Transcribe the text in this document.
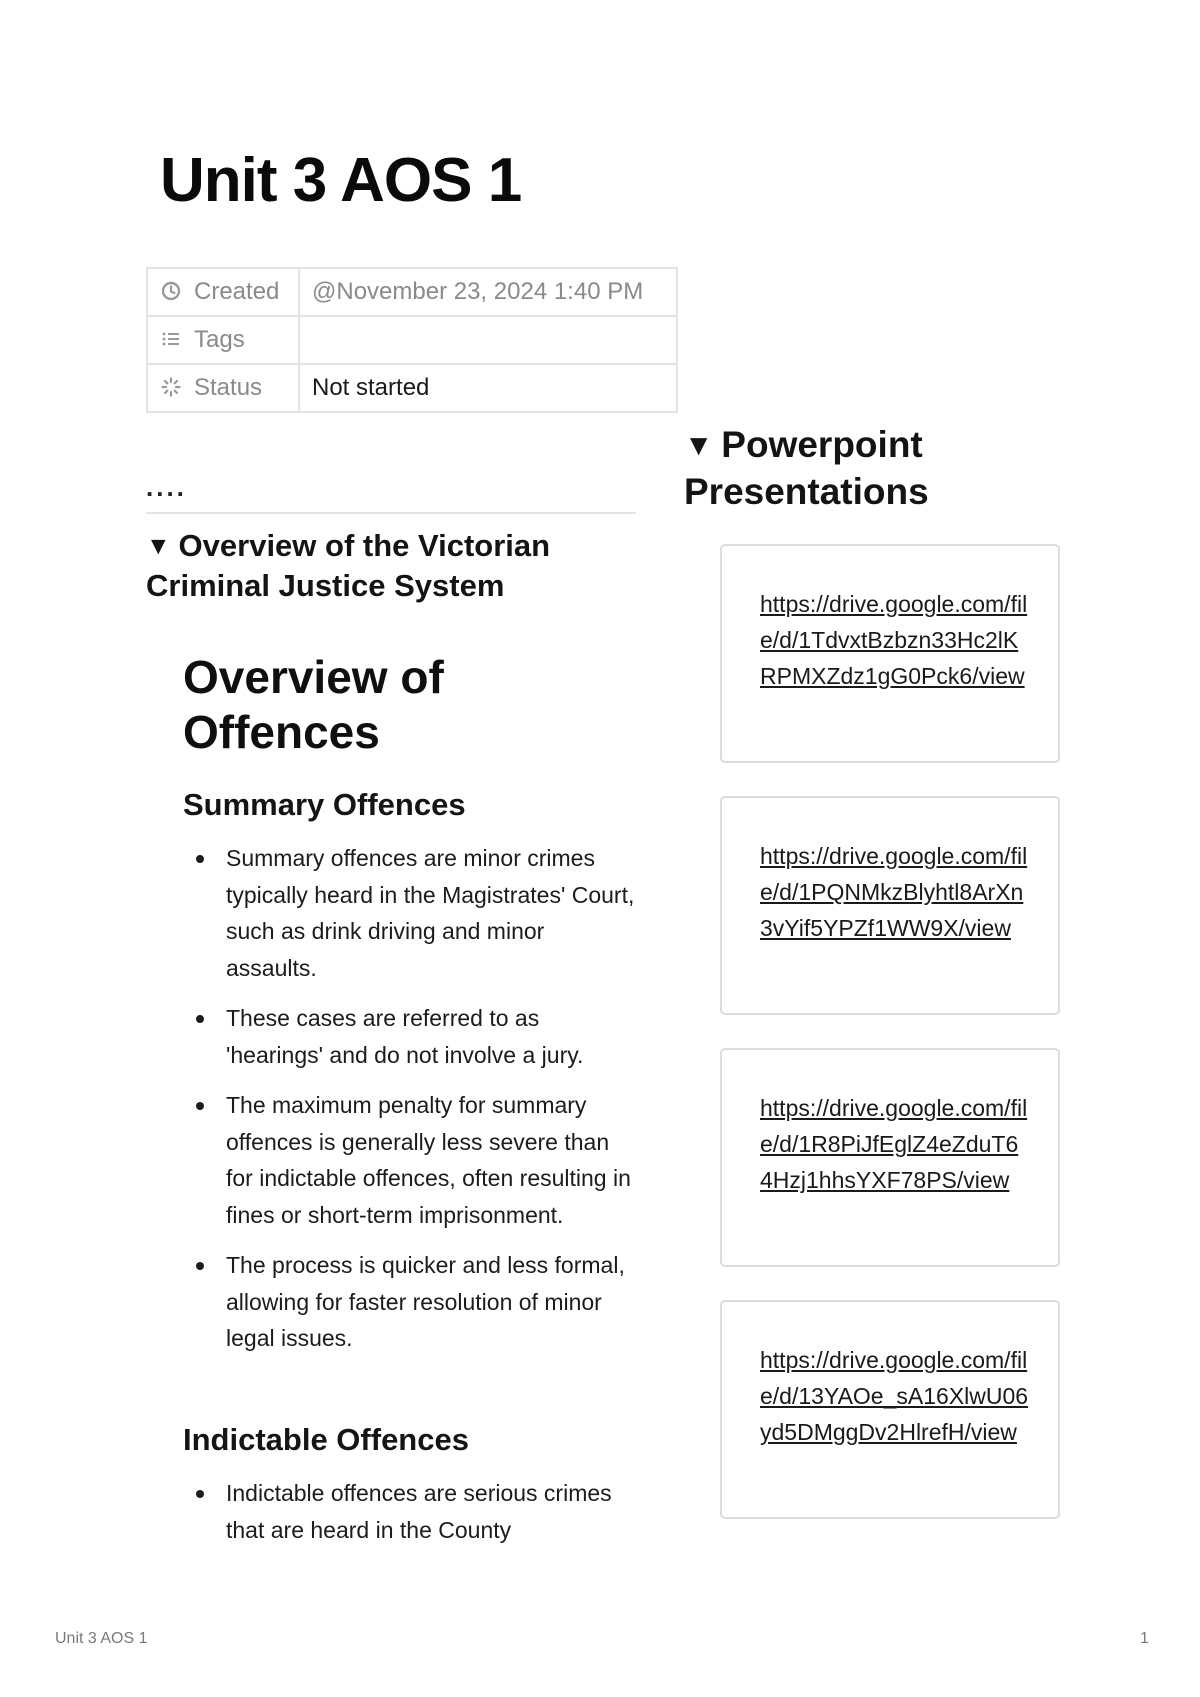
Unit 3 AOS 1
Created	@November 23, 2024 1:40 PM
Tags	
Status	Not started
....
▼ Overview of the Victorian Criminal Justice System
Overview of Offences
Summary Offences
Summary offences are minor crimes typically heard in the Magistrates' Court, such as drink driving and minor assaults.
These cases are referred to as 'hearings' and do not involve a jury.
The maximum penalty for summary offences is generally less severe than for indictable offences, often resulting in fines or short-term imprisonment.
The process is quicker and less formal, allowing for faster resolution of minor legal issues.
Indictable Offences
Indictable offences are serious crimes that are heard in the County
▼ Powerpoint Presentations
https://drive.google.com/file/d/1TdvxtBzbzn33Hc2lKRPMXZdz1gG0Pck6/view
https://drive.google.com/file/d/1PQNMkzBlyhtl8ArXn3vYif5YPZf1WW9X/view
https://drive.google.com/file/d/1R8PiJfEglZ4eZduT64Hzj1hhsYXF78PS/view
https://drive.google.com/file/d/13YAOe_sA16XlwU06yd5DMggDv2HlrefH/view
Unit 3 AOS 1	1
